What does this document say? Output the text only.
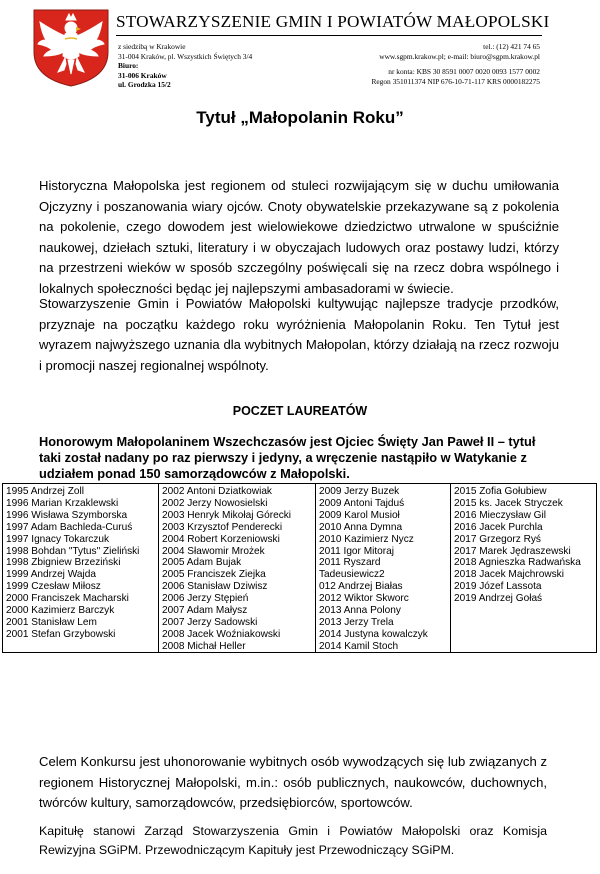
STOWARZYSZENIE GMIN I POWIATÓW MAŁOPOLSKI
z siedzibą w Krakowie
31-004 Kraków, pl. Wszystkich Świętych 3/4
Biuro:
31-006 Kraków
ul. Grodzka 15/2
tel.: (12) 421 74 65
www.sgpm.krakow.pl; e-mail: biuro@sgpm.krakow.pl
nr konta: KBS 30 8591 0007 0020 0093 1577 0002
Regon 351011374 NIP 676-10-71-117 KRS 0000182275
Tytuł „Małopolanin Roku”
Historyczna Małopolska jest regionem od stuleci rozwijającym się w duchu umiłowania Ojczyzny i poszanowania wiary ojców. Cnoty obywatelskie przekazywane są z pokolenia na pokolenie, czego dowodem jest wielowiekowe dziedzictwo utrwalone w spuściźnie naukowej, dziełach sztuki, literatury i w obyczajach ludowych oraz postawy ludzi, którzy na przestrzeni wieków w sposób szczególny poświęcali się na rzecz dobra wspólnego i lokalnych społeczności będąc jej najlepszymi ambasadorami w świecie.
Stowarzyszenie Gmin i Powiatów Małopolski kultywując najlepsze tradycje przodków, przyznaje na początku każdego roku wyróżnienia Małopolanin Roku. Ten Tytuł jest wyrazem najwyższego uznania dla wybitnych Małopolan, którzy działają na rzecz rozwoju i promocji naszej regionalnej wspólnoty.
POCZET LAUREATÓW
Honorowym Małopolaninem Wszechczasów jest Ojciec Święty Jan Paweł II – tytuł taki został nadany po raz pierwszy i jedyny, a wręczenie nastąpiło w Watykanie z udziałem ponad 150 samorządowców z Małopolski.
1995 Andrzej Zoll
1996 Marian Krzaklewski
1996 Wisława Szymborska
1997 Adam Bachleda-Curuś
1997 Ignacy Tokarczuk
1998 Bohdan "Tytus" Zieliński
1998 Zbigniew Brzeziński
1999 Andrzej Wajda
1999 Czesław Miłosz
2000 Franciszek Macharski
2000 Kazimierz Barczyk
2001 Stanisław Lem
2001 Stefan Grzybowski
2002 Antoni Dziatkowiak
2002 Jerzy Nowosielski
2003 Henryk Mikołaj Górecki
2003 Krzysztof Penderecki
2004 Robert Korzeniowski
2004 Sławomir Mrożek
2005 Adam Bujak
2005 Franciszek Ziejka
2006 Stanisław Dziwisz
2006 Jerzy Stępień
2007 Adam Małysz
2007 Jerzy Sadowski
2008 Jacek Woźniakowski
2008 Michał Heller
2009 Jerzy Buzek
2009 Antoni Tajduś
2009 Karol Musioł
2010 Anna Dymna
2010 Kazimierz Nycz
2011 Igor Mitoraj
2011 Ryszard
Tadeusiewicz2
012 Andrzej Białas
2012 Wiktor Skworc
2013 Anna Polony
2013 Jerzy Trela
2014 Justyna kowalczyk
2014 Kamil Stoch
2015 Zofia Gołubiew
2015 ks. Jacek Stryczek
2016 Mieczysław Gil
2016 Jacek Purchla
2017 Grzegorz Ryś
2017 Marek Jędraszewski
2018 Agnieszka Radwańska
2018 Jacek Majchrowski
2019 Józef Lassota
2019 Andrzej Gołaś
Celem Konkursu jest uhonorowanie wybitnych osób wywodzących się lub związanych z regionem Historycznej Małopolski, m.in.: osób publicznych, naukowców, duchownych, twórców kultury, samorządowców, przedsiębiorców, sportowców.
Kapitułę stanowi Zarząd Stowarzyszenia Gmin i Powiatów Małopolski oraz Komisja Rewizyjna SGiPM. Przewodniczącym Kapituły jest Przewodniczący SGiPM.
